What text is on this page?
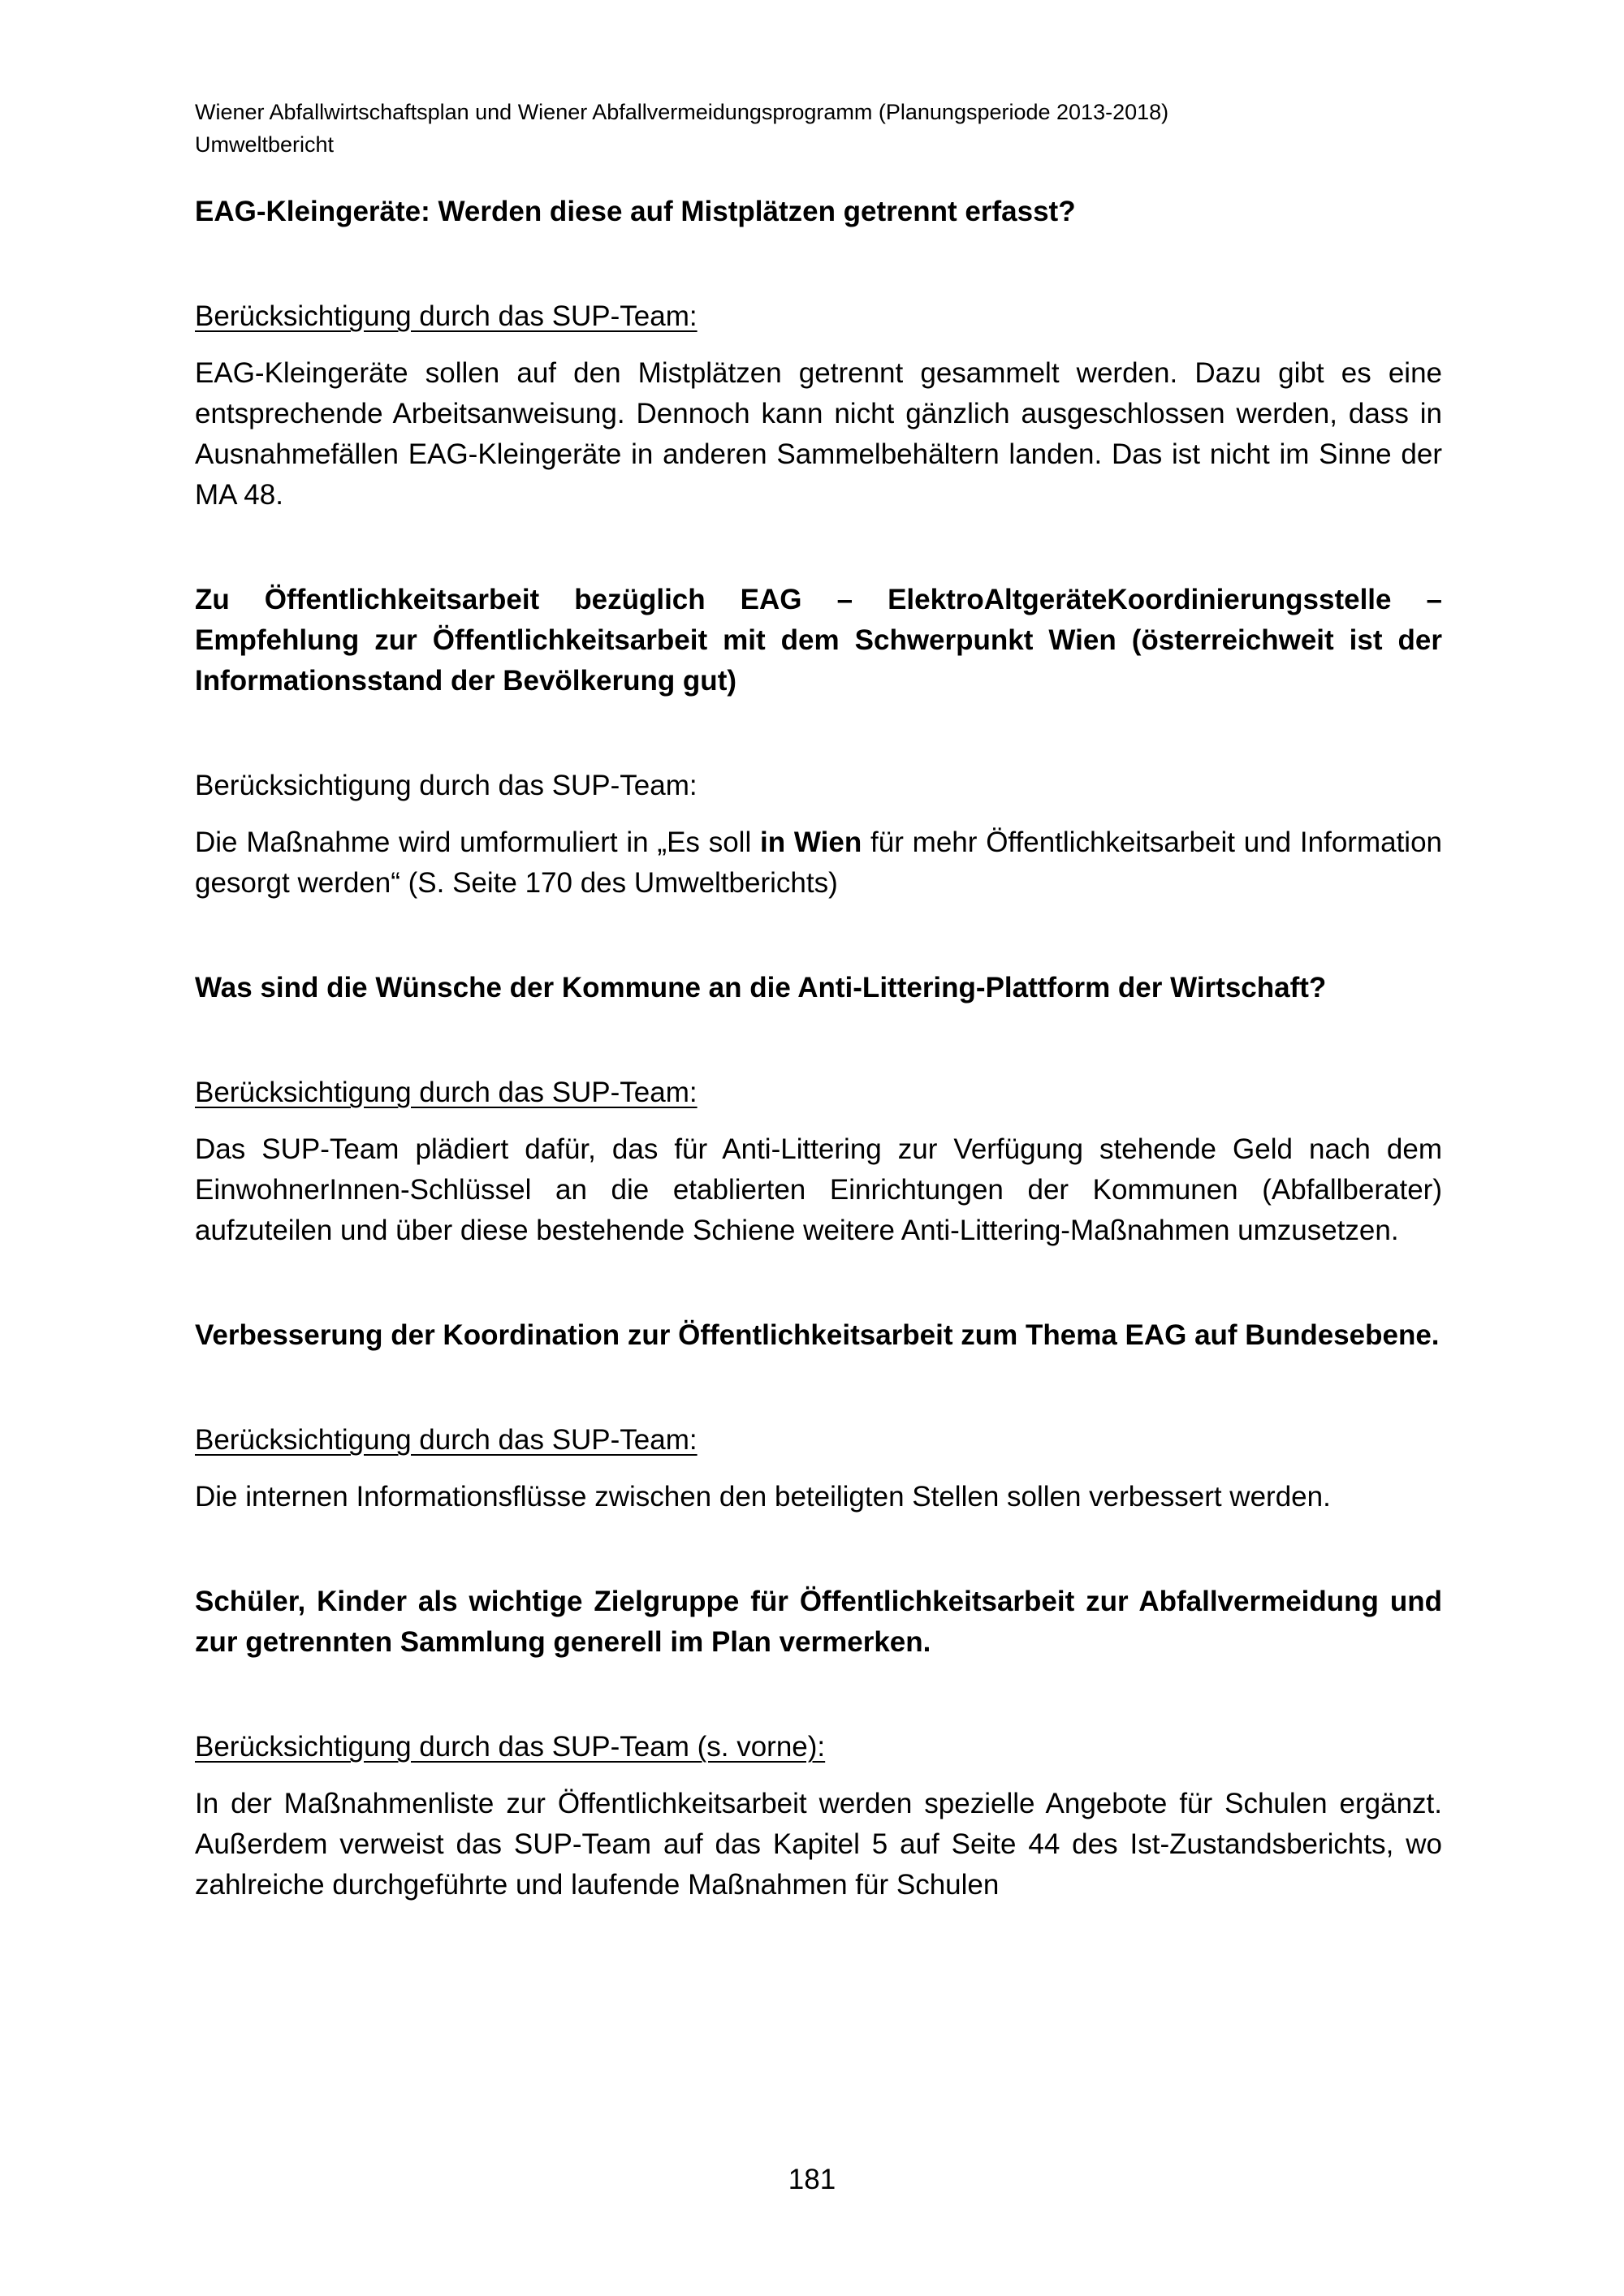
Wiener Abfallwirtschaftsplan und Wiener Abfallvermeidungsprogramm (Planungsperiode 2013-2018)
Umweltbericht

EAG-Kleingeräte: Werden diese auf Mistplätzen getrennt erfasst?

Berücksichtigung durch das SUP-Team:

EAG-Kleingeräte sollen auf den Mistplätzen getrennt gesammelt werden. Dazu gibt es eine entsprechende Arbeitsanweisung. Dennoch kann nicht gänzlich ausgeschlossen werden, dass in Ausnahmefällen EAG-Kleingeräte in anderen Sammelbehältern landen. Das ist nicht im Sinne der MA 48.

Zu Öffentlichkeitsarbeit bezüglich EAG – ElektroAltgeräteKoordinierungsstelle – Empfehlung zur Öffentlichkeitsarbeit mit dem Schwerpunkt Wien (österreichweit ist der Informationsstand der Bevölkerung gut)

Berücksichtigung durch das SUP-Team:

Die Maßnahme wird umformuliert in „Es soll in Wien für mehr Öffentlichkeitsarbeit und Information gesorgt werden“ (S. Seite 170 des Umweltberichts)

Was sind die Wünsche der Kommune an die Anti-Littering-Plattform der Wirtschaft?

Berücksichtigung durch das SUP-Team:

Das SUP-Team plädiert dafür, das für Anti-Littering zur Verfügung stehende Geld nach dem EinwohnerInnen-Schlüssel an die etablierten Einrichtungen der Kommunen (Abfallberater) aufzuteilen und über diese bestehende Schiene weitere Anti-Littering-Maßnahmen umzusetzen.

Verbesserung der Koordination zur Öffentlichkeitsarbeit zum Thema EAG auf Bundesebene.

Berücksichtigung durch das SUP-Team:

Die internen Informationsflüsse zwischen den beteiligten Stellen sollen verbessert werden.

Schüler, Kinder als wichtige Zielgruppe für Öffentlichkeitsarbeit zur Abfallvermeidung und zur getrennten Sammlung generell im Plan vermerken.

Berücksichtigung durch das SUP-Team (s. vorne):

In der Maßnahmenliste zur Öffentlichkeitsarbeit werden spezielle Angebote für Schulen ergänzt. Außerdem verweist das SUP-Team auf das Kapitel 5 auf Seite 44 des Ist-Zustandsberichts, wo zahlreiche durchgeführte und laufende Maßnahmen für Schulen

181
